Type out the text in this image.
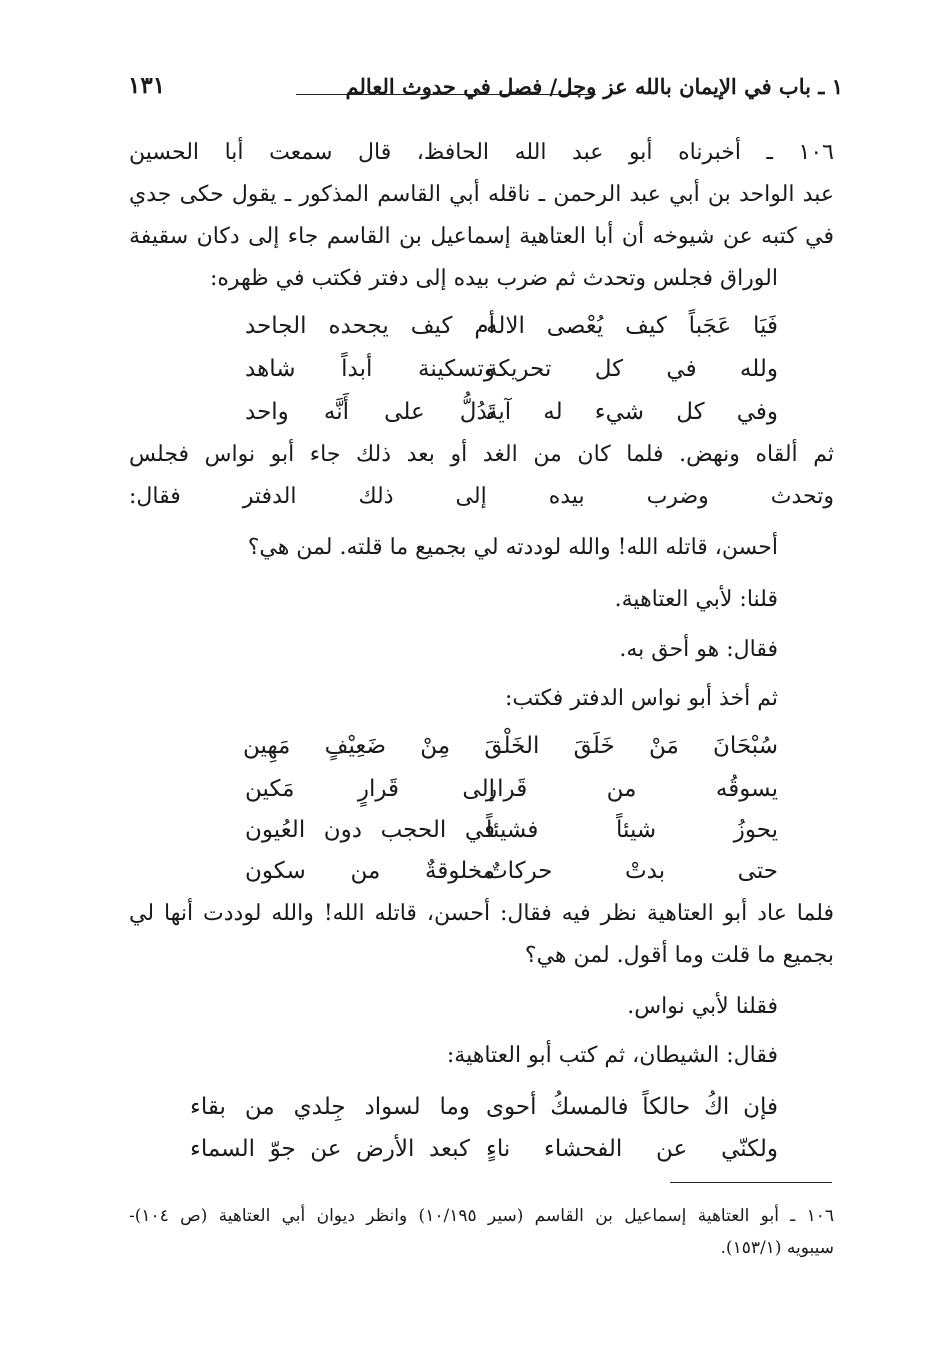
١ ـ باب في الإيمان بالله عز وجل/ فصل في حدوث العالم
١٣١
١٠٦ ـ أخبرناه أبو عبد الله الحافظ، قال سمعت أبا الحسين
عبد الواحد بن أبي عبد الرحمن ـ ناقله أبي القاسم المذكور ـ يقول حكى جدي
في كتبه عن شيوخه أن أبا العتاهية إسماعيل بن القاسم جاء إلى دكان سقيفة
الوراق فجلس وتحدث ثم ضرب بيده إلى دفتر فكتب في ظهره:
فَيَا عَجَباً كيف يُعْصى الاله
أم كيف يجحده الجاحد
ولله في كل تحريكة
وتسكينة أبداً شاهد
وفي كل شيء له آية
تَدُلُّ على أَنَّه واحد
ثم ألقاه ونهض. فلما كان من الغد أو بعد ذلك جاء أبو نواس فجلس
وتحدث وضرب بيده إلى ذلك الدفتر فقال:
أحسن، قاتله الله! والله لوددته لي بجميع ما قلته. لمن هي؟
قلنا: لأبي العتاهية.
فقال: هو أحق به.
ثم أخذ أبو نواس الدفتر فكتب:
سُبْحَانَ مَنْ خَلَقَ الخَلْقَ مِنْ ضَعِيْفٍ مَهِين
يسوقُه من قَرار
إلى قَرارٍ مَكين
يحوزُ شيئاً فشيئاً
في الحجب دون العُيون
حتى بدتْ حركاتٌ
مخلوقةٌ من سكون
فلما عاد أبو العتاهية نظر فيه فقال: أحسن، قاتله الله! والله لوددت أنها لي
بجميع ما قلت وما أقول. لمن هي؟
فقلنا لأبي نواس.
فقال: الشيطان، ثم كتب أبو العتاهية:
فإن اكُ حالكاً فالمسكُ أحوى
وما لسواد جِلدي من بقاء
ولكنّي عن الفحشاء ناءٍ
كبعد الأرض عن جوّ السماء
١٠٦ ـ أبو العتاهية إسماعيل بن القاسم (سير ١٠/١٩٥) وانظر ديوان أبي العتاهية (ص ١٠٤)-
سيبويه (١٥٣/١).
